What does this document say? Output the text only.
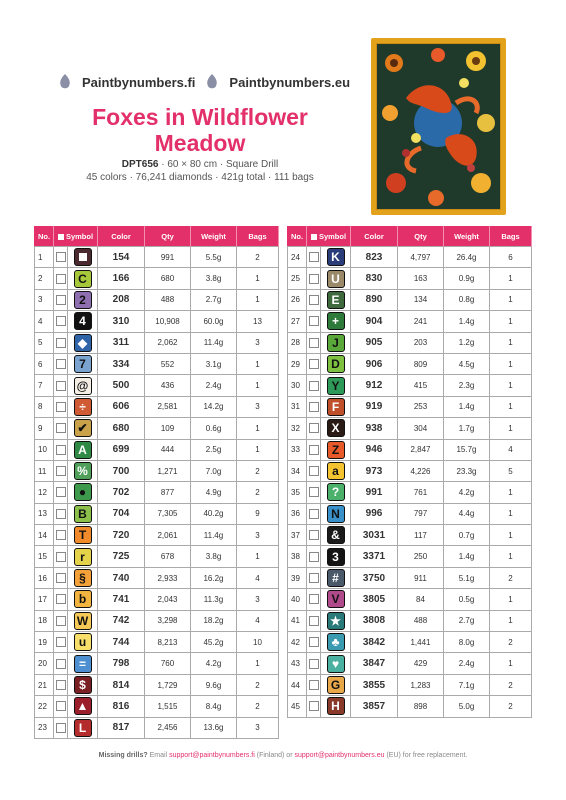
Paintbynumbers.fi	Paintbynumbers.eu
Foxes in Wildflower
Meadow
DPT656 · 60 × 80 cm · Square Drill
45 colors · 76,241 diamonds · 421g total · 111 bags
No.	Symbol		Color	Qty	Weight	Bags
1			154	991	5.5g	2
2		C	166	680	3.8g	1
3		2	208	488	2.7g	1
4		4	310	10,908	60.0g	13
5		◆	311	2,062	11.4g	3
6		7	334	552	3.1g	1
7		@	500	436	2.4g	1
8		÷	606	2,581	14.2g	3
9		✔	680	109	0.6g	1
10		A	699	444	2.5g	1
11		%	700	1,271	7.0g	2
12		●	702	877	4.9g	2
13		B	704	7,305	40.2g	9
14		T	720	2,061	11.4g	3
15		r	725	678	3.8g	1
16		§	740	2,933	16.2g	4
17		b	741	2,043	11.3g	3
18		W	742	3,298	18.2g	4
19		u	744	8,213	45.2g	10
20		=	798	760	4.2g	1
21		$	814	1,729	9.6g	2
22		▲	816	1,515	8.4g	2
23		L	817	2,456	13.6g	3
No.	Symbol		Color	Qty	Weight	Bags
24		K	823	4,797	26.4g	6
25		U	830	163	0.9g	1
26		E	890	134	0.8g	1
27		+	904	241	1.4g	1
28		J	905	203	1.2g	1
29		D	906	809	4.5g	1
30		Y	912	415	2.3g	1
31		F	919	253	1.4g	1
32		X	938	304	1.7g	1
33		Z	946	2,847	15.7g	4
34		a	973	4,226	23.3g	5
35		?	991	761	4.2g	1
36		N	996	797	4.4g	1
37		&	3031	117	0.7g	1
38		3	3371	250	1.4g	1
39		#	3750	911	5.1g	2
40		V	3805	84	0.5g	1
41		★	3808	488	2.7g	1
42		♣	3842	1,441	8.0g	2
43		♥	3847	429	2.4g	1
44		G	3855	1,283	7.1g	2
45		H	3857	898	5.0g	2
Missing drills? Email support@paintbynumbers.fi (Finland) or support@paintbynumbers.eu (EU) for free replacement.
